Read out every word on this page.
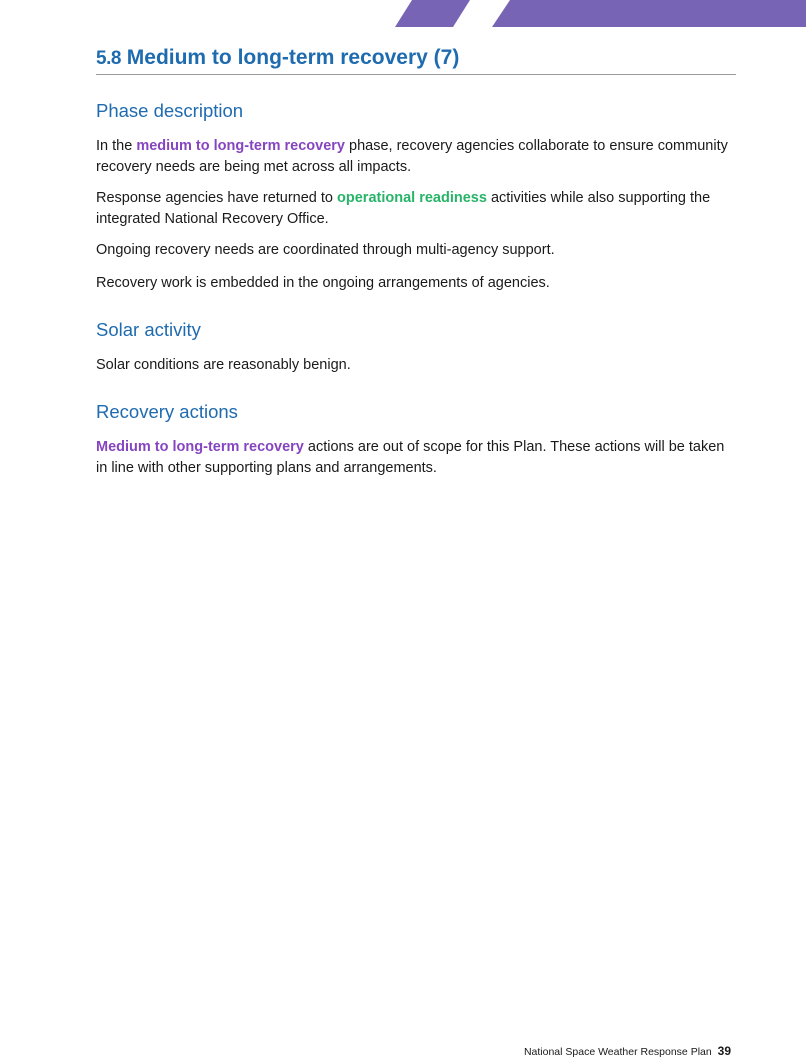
5.8 Medium to long-term recovery (7)
Phase description

In the medium to long-term recovery phase, recovery agencies collaborate to ensure community recovery needs are being met across all impacts.

Response agencies have returned to operational readiness activities while also supporting the integrated National Recovery Office.

Ongoing recovery needs are coordinated through multi-agency support.

Recovery work is embedded in the ongoing arrangements of agencies.

Solar activity

Solar conditions are reasonably benign.

Recovery actions

Medium to long-term recovery actions are out of scope for this Plan. These actions will be taken in line with other supporting plans and arrangements.

National Space Weather Response Plan 39
